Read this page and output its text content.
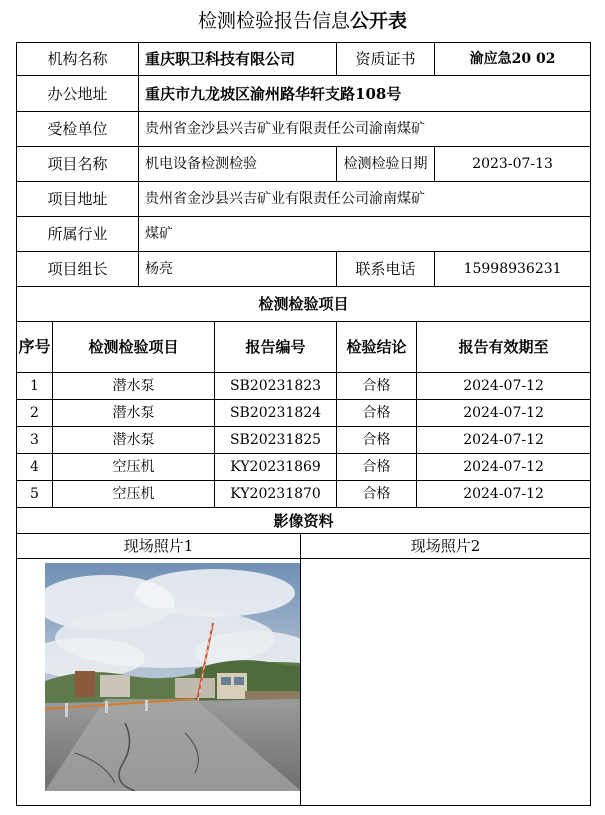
检测检验报告信息公开表
机构名称		重庆职卫科技有限公司			资质证书		渝应急20 02
办公地址		重庆市九龙坡区渝州路华轩支路108号					
受检单位		贵州省金沙县兴吉矿业有限责任公司渝南煤矿					
项目名称		机电设备检测检验			检测检验日期		2023-07-13
项目地址		贵州省金沙县兴吉矿业有限责任公司渝南煤矿					
所属行业		煤矿					
项目组长		杨亮			联系电话		15998936231
检测检验项目							
序号	检测检验项目		报告编号		检验结论	报告有效期至	
1	潜水泵		SB20231823		合格	2024-07-12	
2	潜水泵		SB20231824		合格	2024-07-12	
3	潜水泵		SB20231825		合格	2024-07-12	
4	空压机		KY20231869		合格	2024-07-12	
5	空压机		KY20231870		合格	2024-07-12	
影像资料							
现场照片1				现场照片2			
